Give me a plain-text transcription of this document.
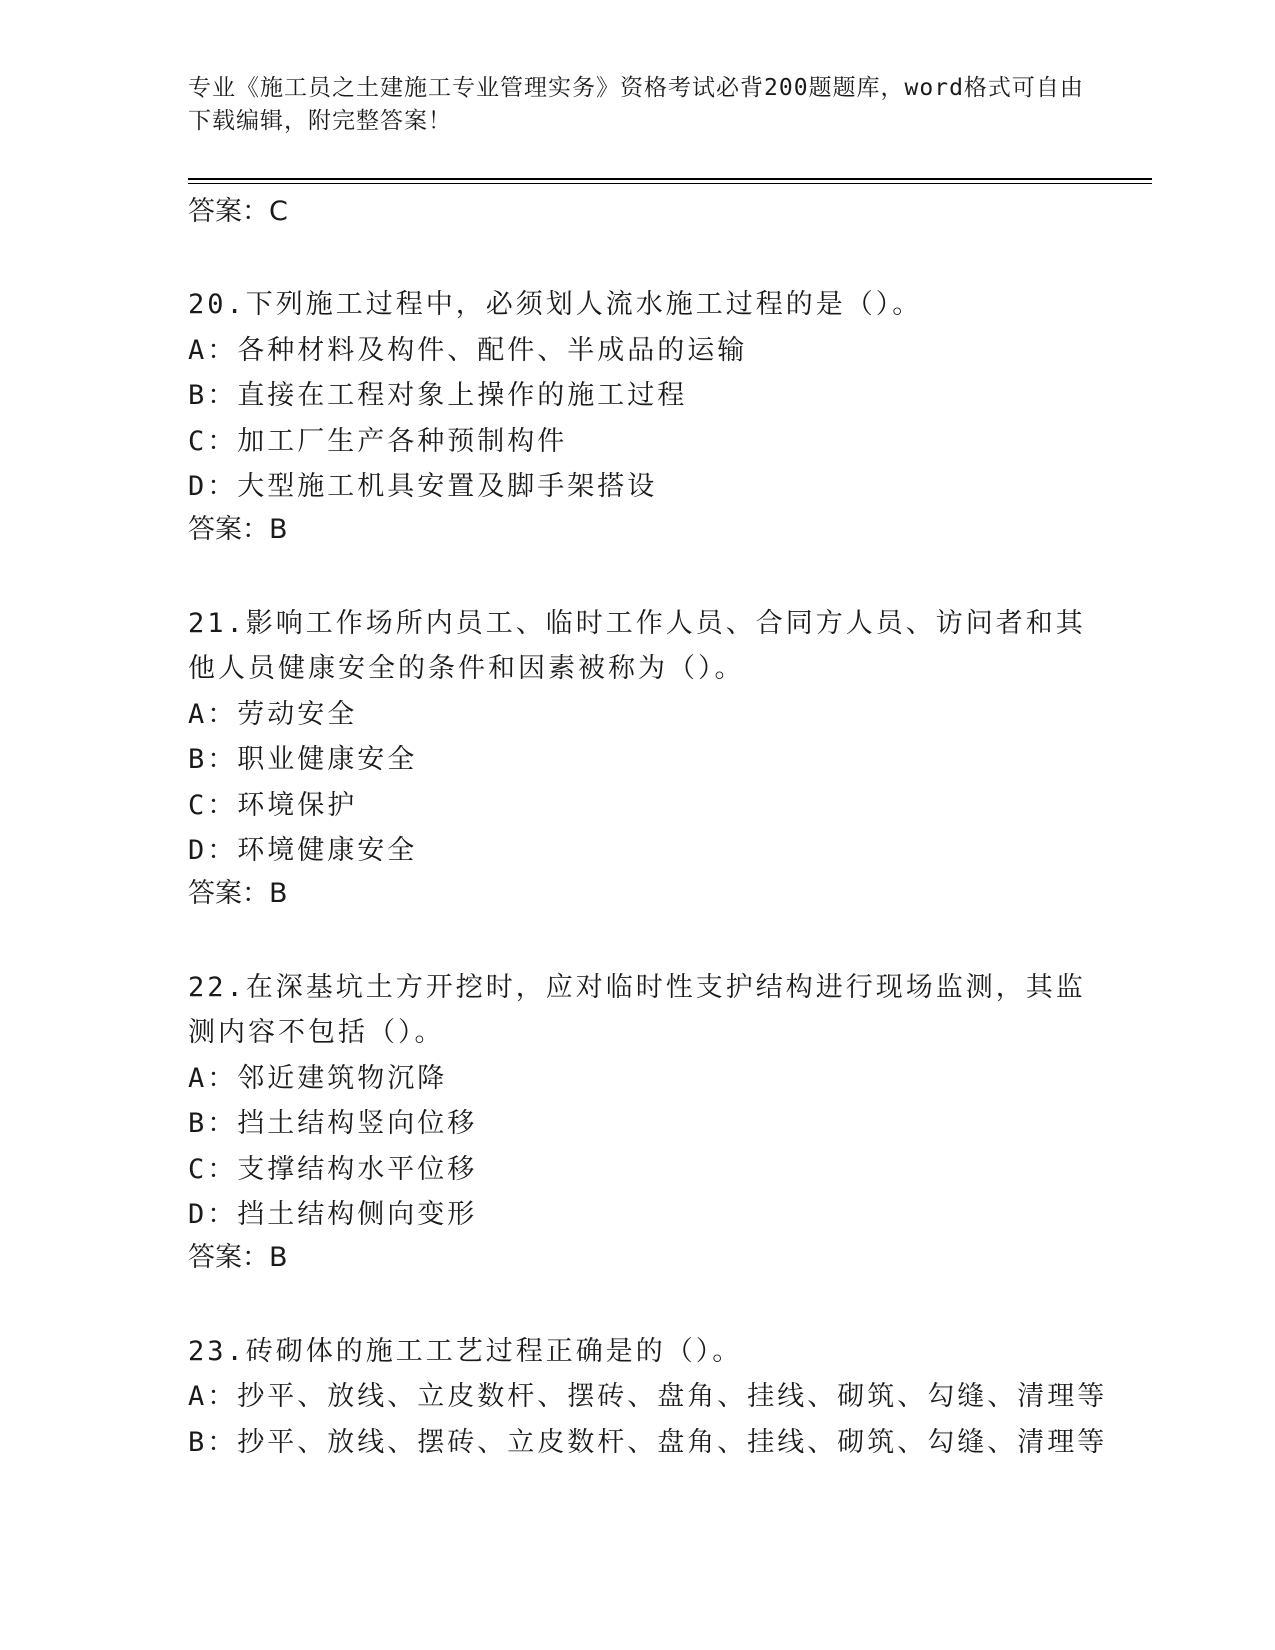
专业《施工员之土建施工专业管理实务》资格考试必背200题题库，word格式可自由下载编辑，附完整答案！
答案：C
20.下列施工过程中，必须划人流水施工过程的是（）。
A：各种材料及构件、配件、半成品的运输
B：直接在工程对象上操作的施工过程
C：加工厂生产各种预制构件
D：大型施工机具安置及脚手架搭设
答案：B
21.影响工作场所内员工、临时工作人员、合同方人员、访问者和其他人员健康安全的条件和因素被称为（）。
A：劳动安全
B：职业健康安全
C：环境保护
D：环境健康安全
答案：B
22.在深基坑土方开挖时，应对临时性支护结构进行现场监测，其监测内容不包括（）。
A：邻近建筑物沉降
B：挡土结构竖向位移
C：支撑结构水平位移
D：挡土结构侧向变形
答案：B
23.砖砌体的施工工艺过程正确是的（）。
A：抄平、放线、立皮数杆、摆砖、盘角、挂线、砌筑、勾缝、清理等
B：抄平、放线、摆砖、立皮数杆、盘角、挂线、砌筑、勾缝、清理等
